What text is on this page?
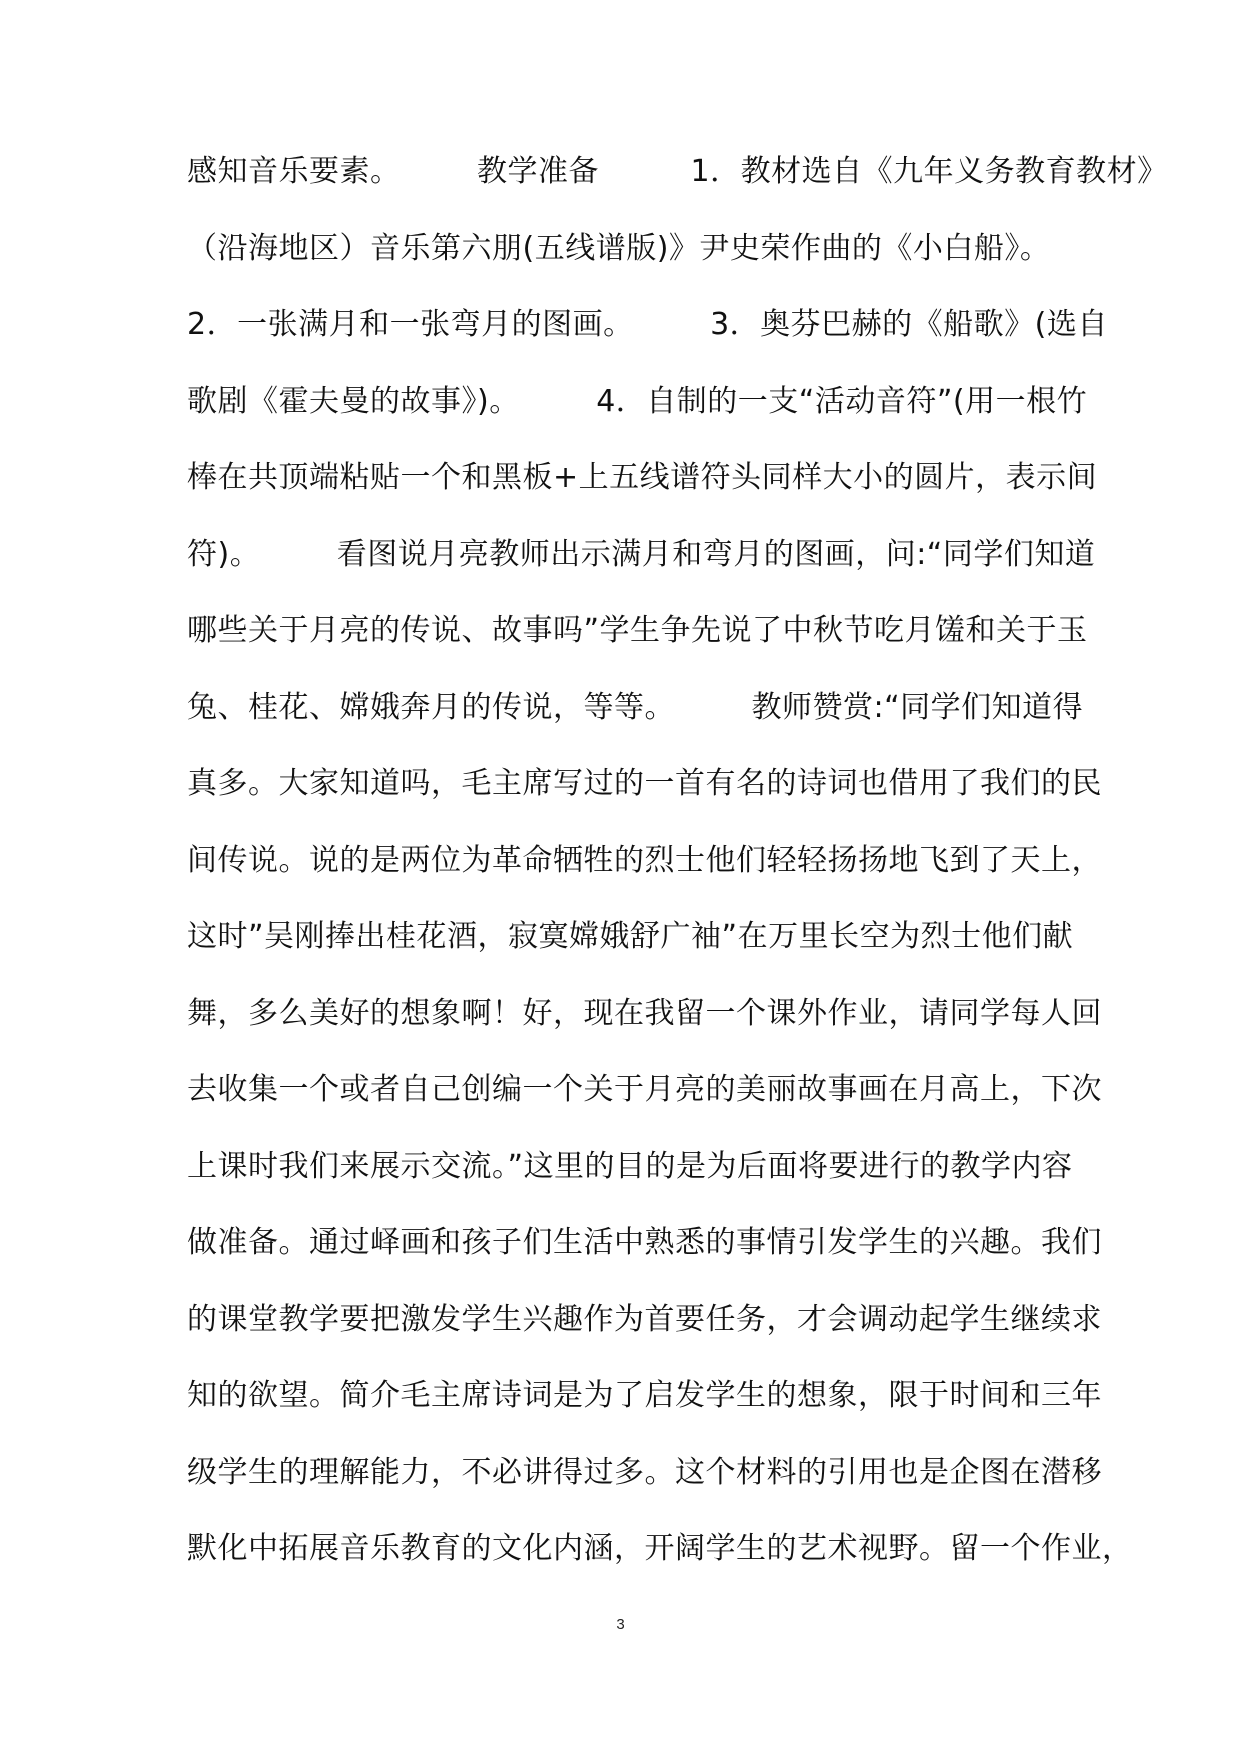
感知音乐要素。　　　教学准备　　　1．教材选自《九年义务教育教材》
（沿海地区）音乐第六朋(五线谱版)》尹史荣作曲的《小白船》。
2．一张满月和一张弯月的图画。　　　3．奥芬巴赫的《船歌》(选自
歌剧《霍夫曼的故事》)。　　　4．自制的一支“活动音符”(用一根竹
棒在共顶端粘贴一个和黑板+上五线谱符头同样大小的圆片，表示间
符)。　　　看图说月亮教师出示满月和弯月的图画，问:“同学们知道
哪些关于月亮的传说、故事吗”学生争先说了中秋节吃月馐和关于玉
兔、桂花、嫦娥奔月的传说，等等。　　　教师赞赏:“同学们知道得
真多。大家知道吗，毛主席写过的一首有名的诗词也借用了我们的民
间传说。说的是两位为革命牺牲的烈士他们轻轻扬扬地飞到了天上，
这时”吴刚捧出桂花酒，寂寞嫦娥舒广袖”在万里长空为烈士他们献
舞，多么美好的想象啊！好，现在我留一个课外作业，请同学每人回
去收集一个或者自己创编一个关于月亮的美丽故事画在月高上，下次
上课时我们来展示交流。”这里的目的是为后面将要进行的教学内容
做准备。通过峄画和孩子们生活中熟悉的事情引发学生的兴趣。我们
的课堂教学要把激发学生兴趣作为首要任务，才会调动起学生继续求
知的欲望。简介毛主席诗词是为了启发学生的想象，限于时间和三年
级学生的理解能力，不必讲得过多。这个材料的引用也是企图在潜移
默化中拓展音乐教育的文化内涵，开阔学生的艺术视野。留一个作业，
3
